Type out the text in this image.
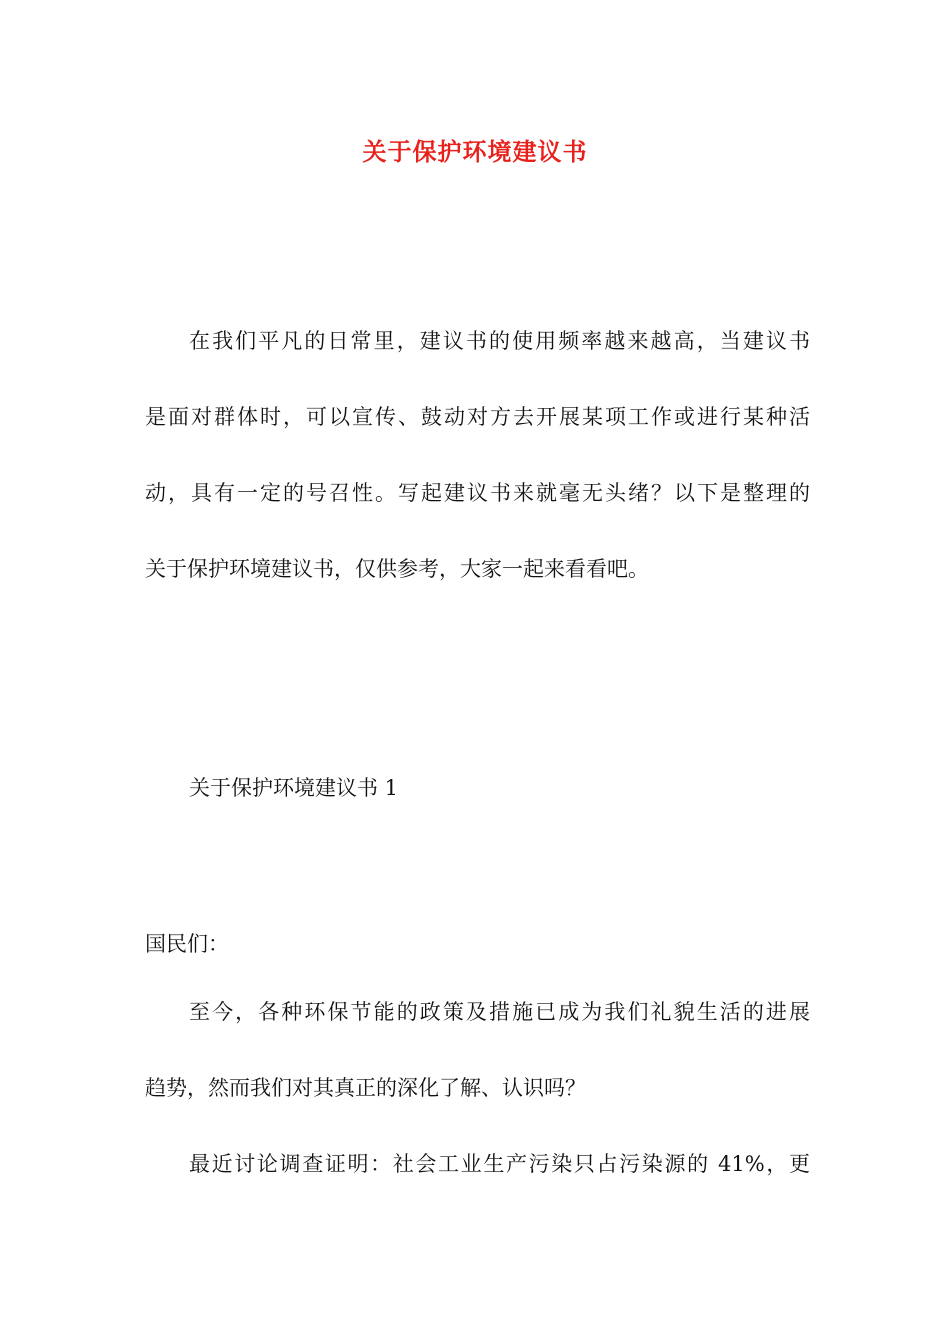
关于保护环境建议书
在我们平凡的日常里，建议书的使用频率越来越高，当建议书
是面对群体时，可以宣传、鼓动对方去开展某项工作或进行某种活
动，具有一定的号召性。写起建议书来就毫无头绪？以下是整理的
关于保护环境建议书，仅供参考，大家一起来看看吧。
关于保护环境建议书 1
国民们：
至今，各种环保节能的政策及措施已成为我们礼貌生活的进展
趋势，然而我们对其真正的深化了解、认识吗？
最近讨论调查证明：社会工业生产污染只占污染源的 41%，更
